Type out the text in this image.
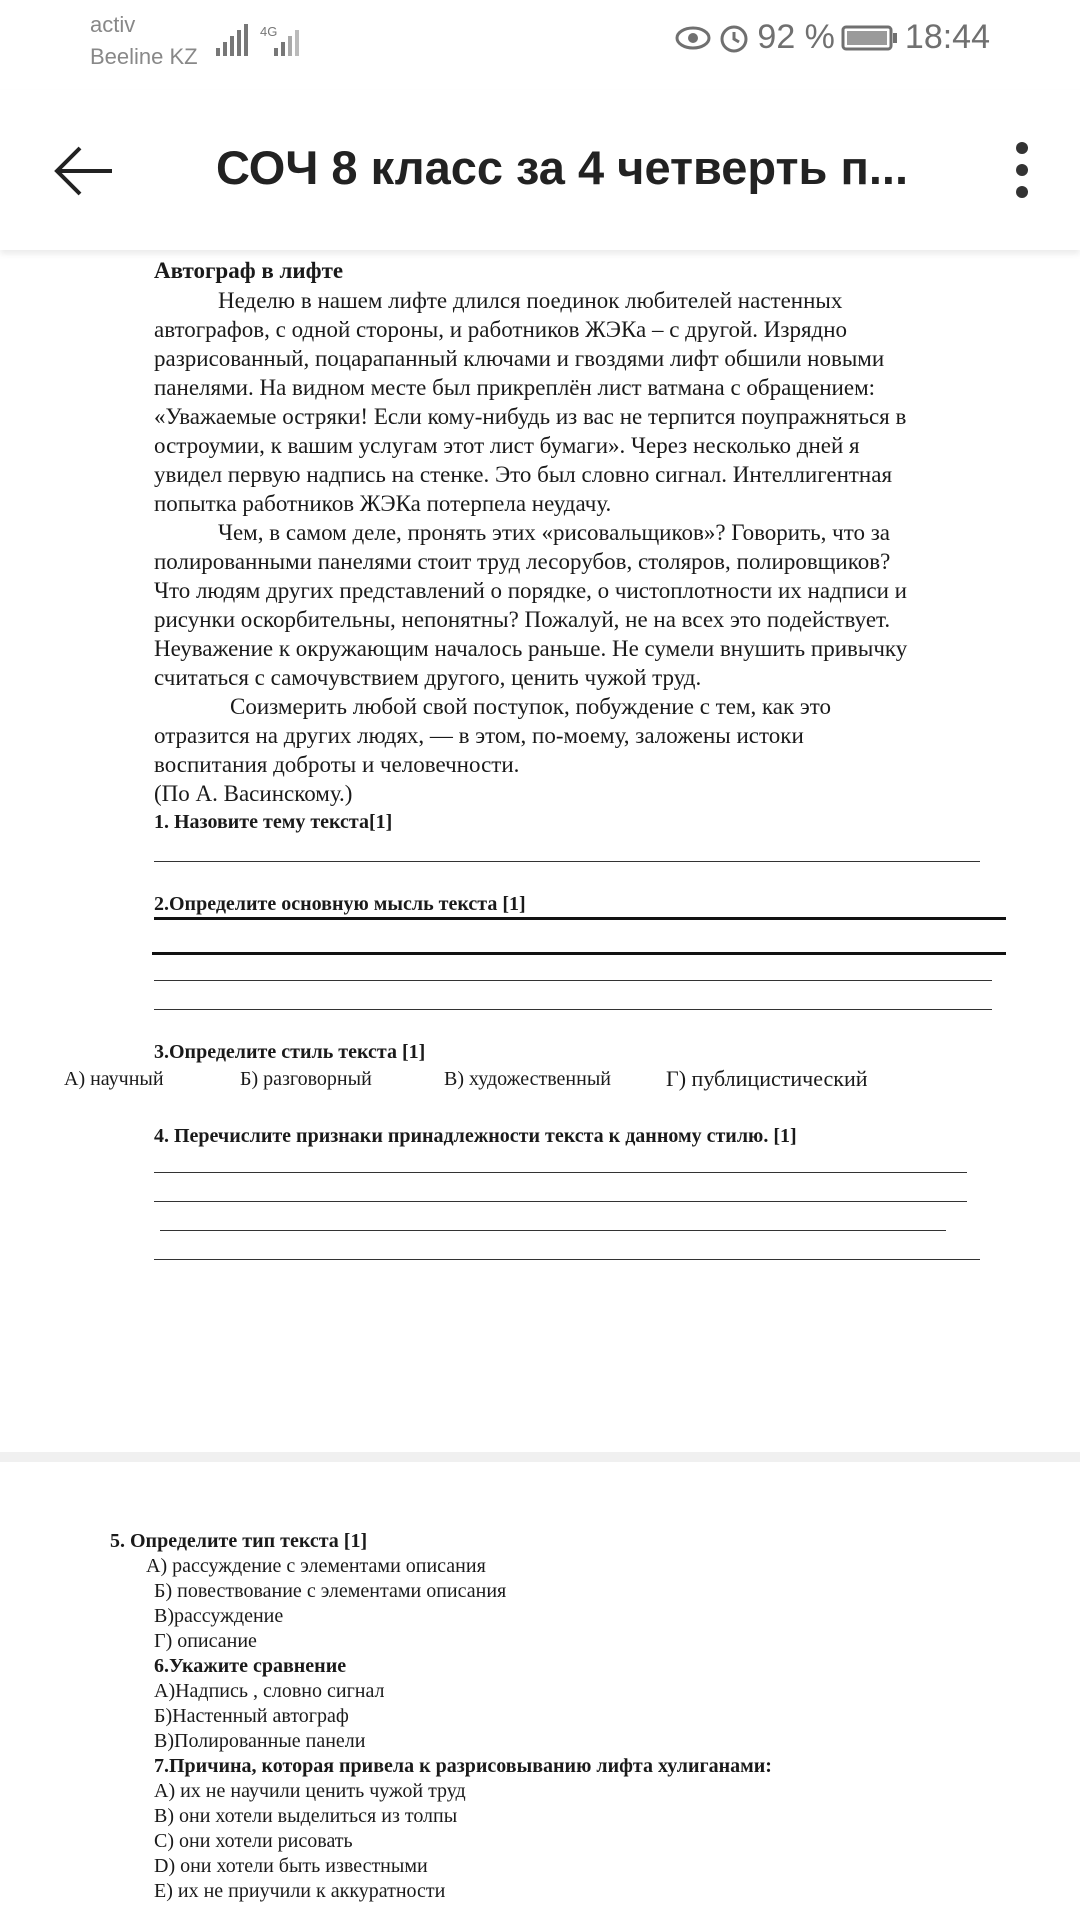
activ
Beeline KZ
4G	92 % 18:44
СОЧ 8 класс за 4 четверть п...
Автограф в лифте
Неделю в нашем лифте длился поединок любителей настенных
автографов, с одной стороны, и работников ЖЭКа – с другой. Изрядно
разрисованный, поцарапанный ключами и гвоздями лифт обшили новыми
панелями. На видном месте был прикреплён лист ватмана с обращением:
«Уважаемые остряки! Если кому-нибудь из вас не терпится поупражняться в
остроумии, к вашим услугам этот лист бумаги». Через несколько дней я
увидел первую надпись на стенке. Это был словно сигнал. Интеллигентная
попытка работников ЖЭКа потерпела неудачу.
Чем, в самом деле, пронять этих «рисовальщиков»? Говорить, что за
полированными панелями стоит труд лесорубов, столяров, полировщиков?
Что людям других представлений о порядке, о чистоплотности их надписи и
рисунки оскорбительны, непонятны? Пожалуй, не на всех это подействует.
Неуважение к окружающим началось раньше. Не сумели внушить привычку
считаться с самочувствием другого, ценить чужой труд.
Соизмерить любой свой поступок, побуждение с тем, как это
отразится на других людях, — в этом, по-моему, заложены истоки
воспитания доброты и человечности.
(По А. Васинскому.)
1. Назовите тему текста[1]
2.Определите основную мысль текста [1]
3.Определите стиль текста [1]
А) научный	Б) разговорный	В) художественный	Г) публицистический
4. Перечислите признаки принадлежности текста к данному стилю. [1]
5. Определите тип текста [1]
А) рассуждение с элементами описания
Б) повествование с элементами описания
В)рассуждение
Г) описание
6.Укажите сравнение
А)Надпись , словно сигнал
Б)Настенный автограф
В)Полированные панели
7.Причина, которая привела к разрисовыванию лифта хулиганами:
А) их не научили ценить чужой труд
В) они хотели выделиться из толпы
С) они хотели рисовать
D) они хотели быть известными
Е) их не приучили к аккуратности
